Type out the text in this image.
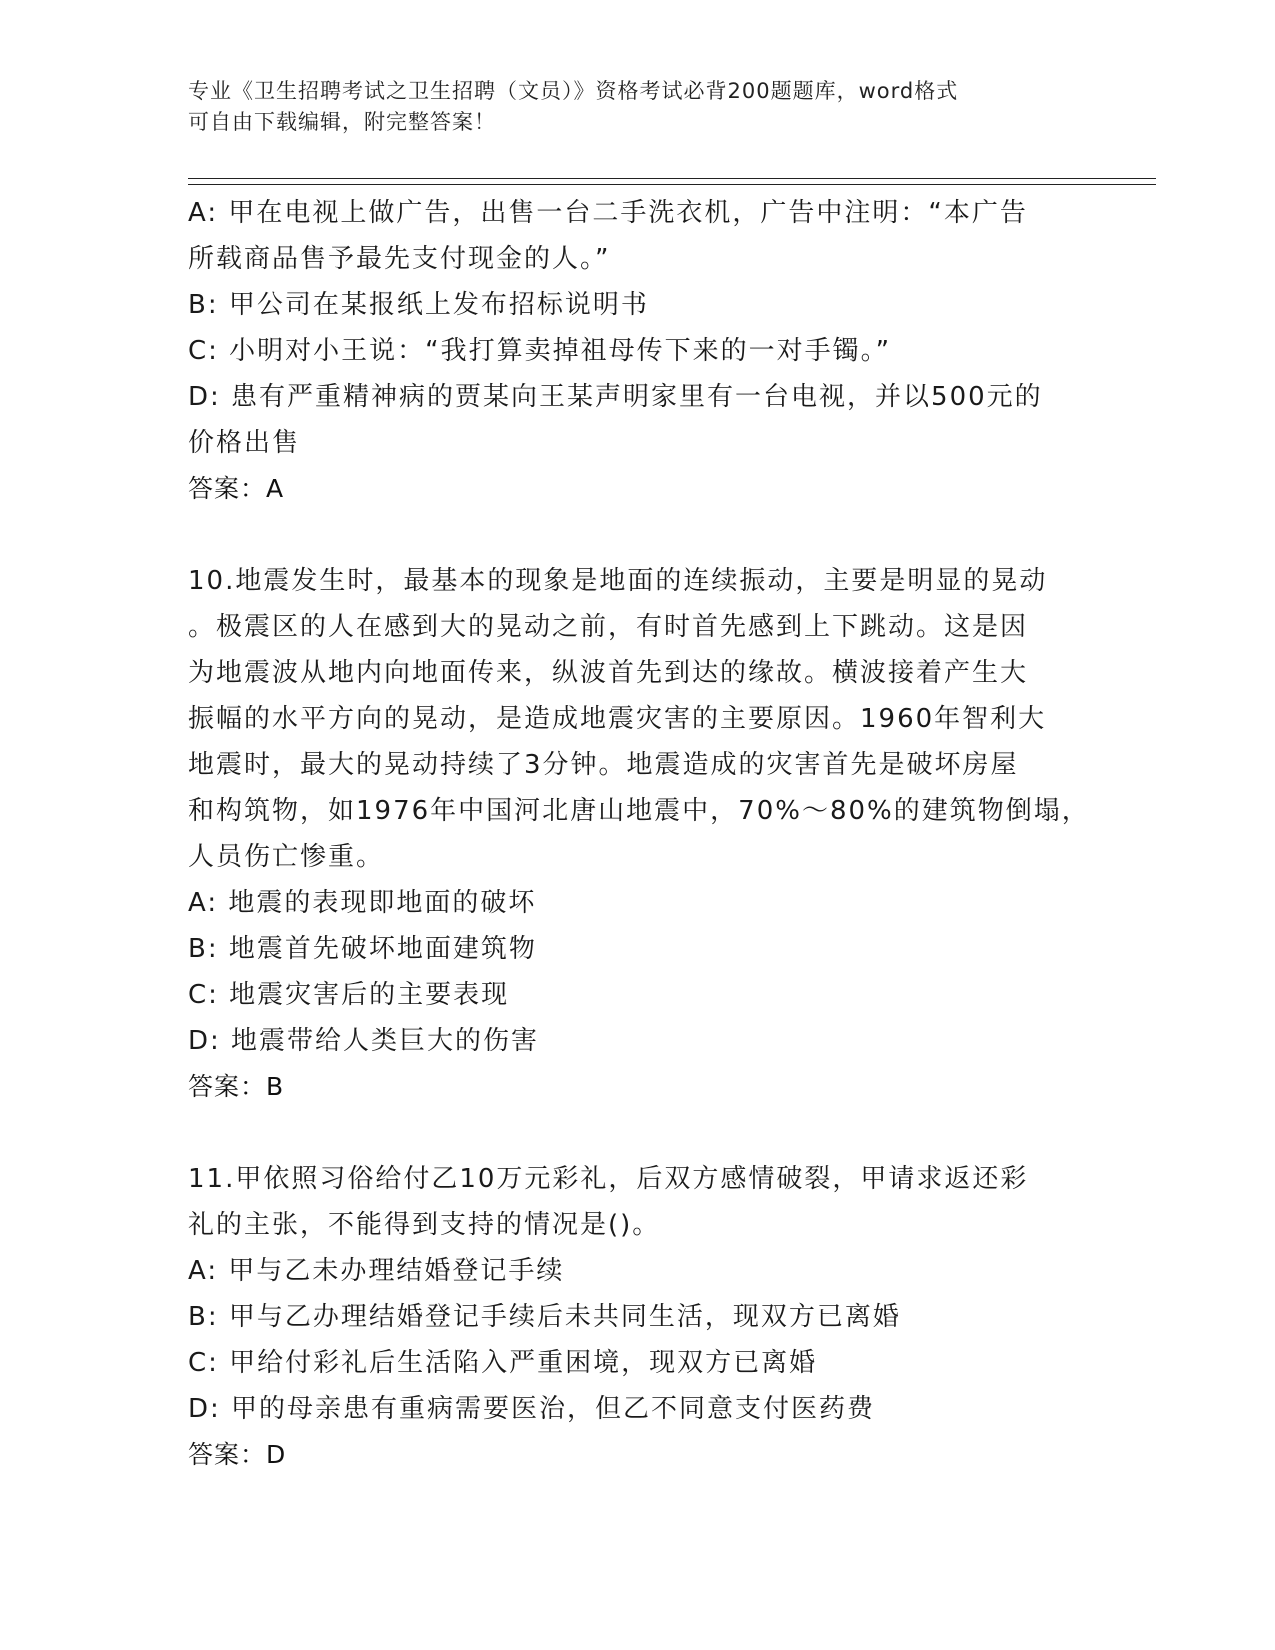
专业《卫生招聘考试之卫生招聘（文员）》资格考试必背200题题库，word格式
可自由下载编辑，附完整答案！
A: 甲在电视上做广告，出售一台二手洗衣机，广告中注明：“本广告
所载商品售予最先支付现金的人。”
B: 甲公司在某报纸上发布招标说明书
C: 小明对小王说：“我打算卖掉祖母传下来的一对手镯。”
D: 患有严重精神病的贾某向王某声明家里有一台电视，并以500元的
价格出售
答案：A
10.地震发生时，最基本的现象是地面的连续振动，主要是明显的晃动
。极震区的人在感到大的晃动之前，有时首先感到上下跳动。这是因
为地震波从地内向地面传来，纵波首先到达的缘故。横波接着产生大
振幅的水平方向的晃动，是造成地震灾害的主要原因。1960年智利大
地震时，最大的晃动持续了3分钟。地震造成的灾害首先是破坏房屋
和构筑物，如1976年中国河北唐山地震中，70%～80%的建筑物倒塌，
人员伤亡惨重。
A: 地震的表现即地面的破坏
B: 地震首先破坏地面建筑物
C: 地震灾害后的主要表现
D: 地震带给人类巨大的伤害
答案：B
11.甲依照习俗给付乙10万元彩礼，后双方感情破裂，甲请求返还彩
礼的主张，不能得到支持的情况是()。
A: 甲与乙未办理结婚登记手续
B: 甲与乙办理结婚登记手续后未共同生活，现双方已离婚
C: 甲给付彩礼后生活陷入严重困境，现双方已离婚
D: 甲的母亲患有重病需要医治，但乙不同意支付医药费
答案：D
